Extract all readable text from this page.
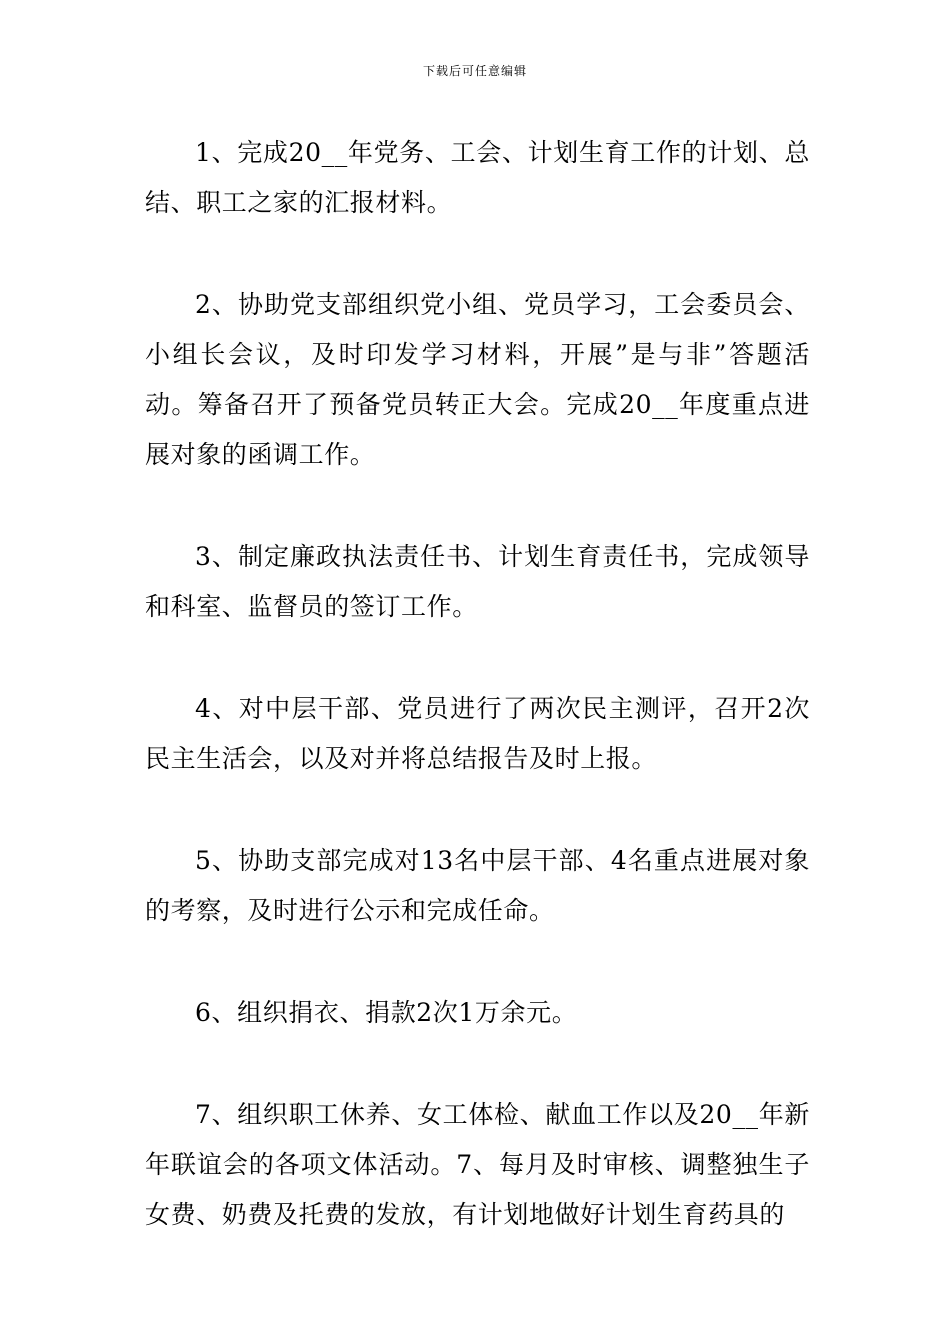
下载后可任意编辑

1、完成20__年党务、工会、计划生育工作的计划、总结、职工之家的汇报材料。

2、协助党支部组织党小组、党员学习，工会委员会、小组长会议，及时印发学习材料，开展”是与非”答题活动。筹备召开了预备党员转正大会。完成20__年度重点进展对象的函调工作。

3、制定廉政执法责任书、计划生育责任书，完成领导和科室、监督员的签订工作。

4、对中层干部、党员进行了两次民主测评，召开2次民主生活会，以及对并将总结报告及时上报。

5、协助支部完成对13名中层干部、4名重点进展对象的考察，及时进行公示和完成任命。

6、组织捐衣、捐款2次1万余元。

7、组织职工休养、女工体检、献血工作以及20__年新年联谊会的各项文体活动。7、每月及时审核、调整独生子女费、奶费及托费的发放，有计划地做好计划生育药具的
